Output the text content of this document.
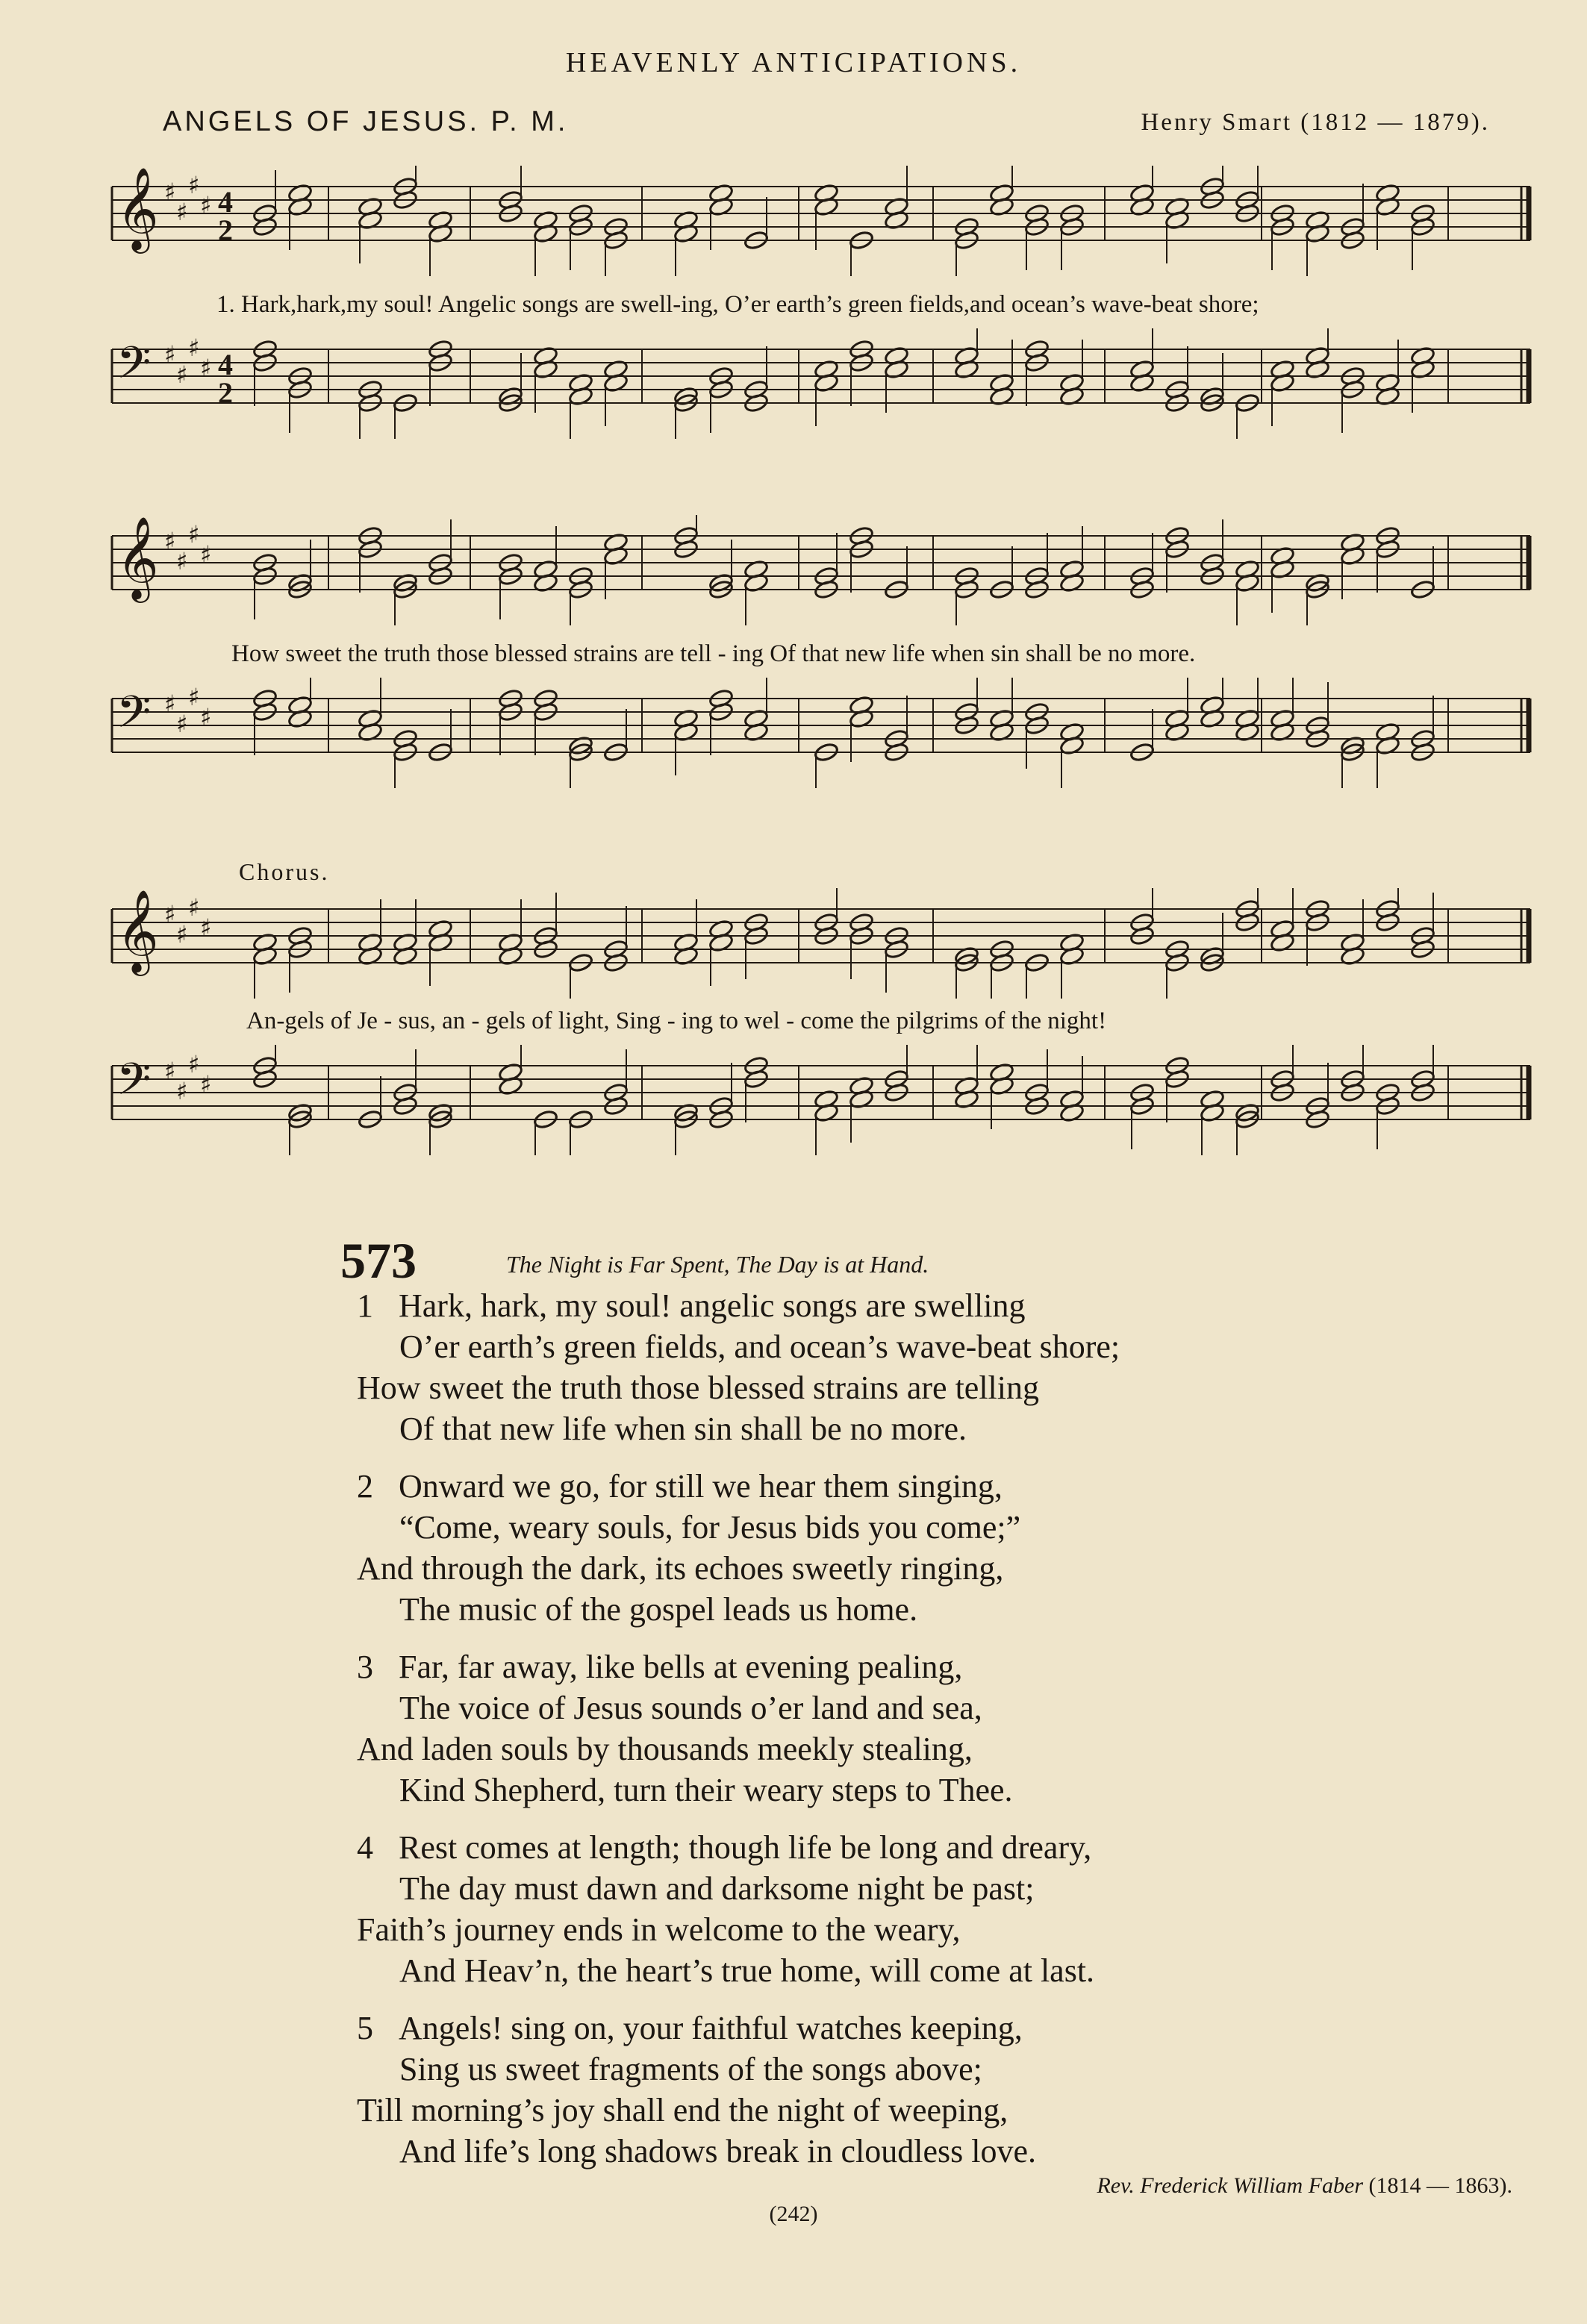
HEAVENLY ANTICIPATIONS.
ANGELS OF JESUS. P. M.	Henry Smart (1812 — 1879).
𝄞 ♯
♯
♯
♯ 4
2
1. Hark,hark,my soul! Angelic songs are swell-ing, O’er earth’s green fields,and ocean’s wave-beat shore;
𝄢 ♯
♯
♯
♯ 4
2
𝄞 ♯
♯
♯
♯
How sweet the truth those blessed strains are tell - ing Of that new life when sin shall be no more.
𝄢 ♯
♯
♯
♯
Chorus.
𝄞 ♯
♯
♯
♯
An-gels of Je - sus, an - gels of light, Sing - ing to wel - come the pilgrims of the night!
𝄢 ♯
♯
♯
♯
573	The Night is Far Spent, The Day is at Hand.
1 Hark, hark, my soul! angelic songs are swelling
O’er earth’s green fields, and ocean’s wave-beat shore;
How sweet the truth those blessed strains are telling
Of that new life when sin shall be no more.
2 Onward we go, for still we hear them singing,
“Come, weary souls, for Jesus bids you come;”
And through the dark, its echoes sweetly ringing,
The music of the gospel leads us home.
3 Far, far away, like bells at evening pealing,
The voice of Jesus sounds o’er land and sea,
And laden souls by thousands meekly stealing,
Kind Shepherd, turn their weary steps to Thee.
4 Rest comes at length; though life be long and dreary,
The day must dawn and darksome night be past;
Faith’s journey ends in welcome to the weary,
And Heav’n, the heart’s true home, will come at last.
5 Angels! sing on, your faithful watches keeping,
Sing us sweet fragments of the songs above;
Till morning’s joy shall end the night of weeping,
And life’s long shadows break in cloudless love.
Rev. Frederick William Faber (1814 — 1863).
(242)
